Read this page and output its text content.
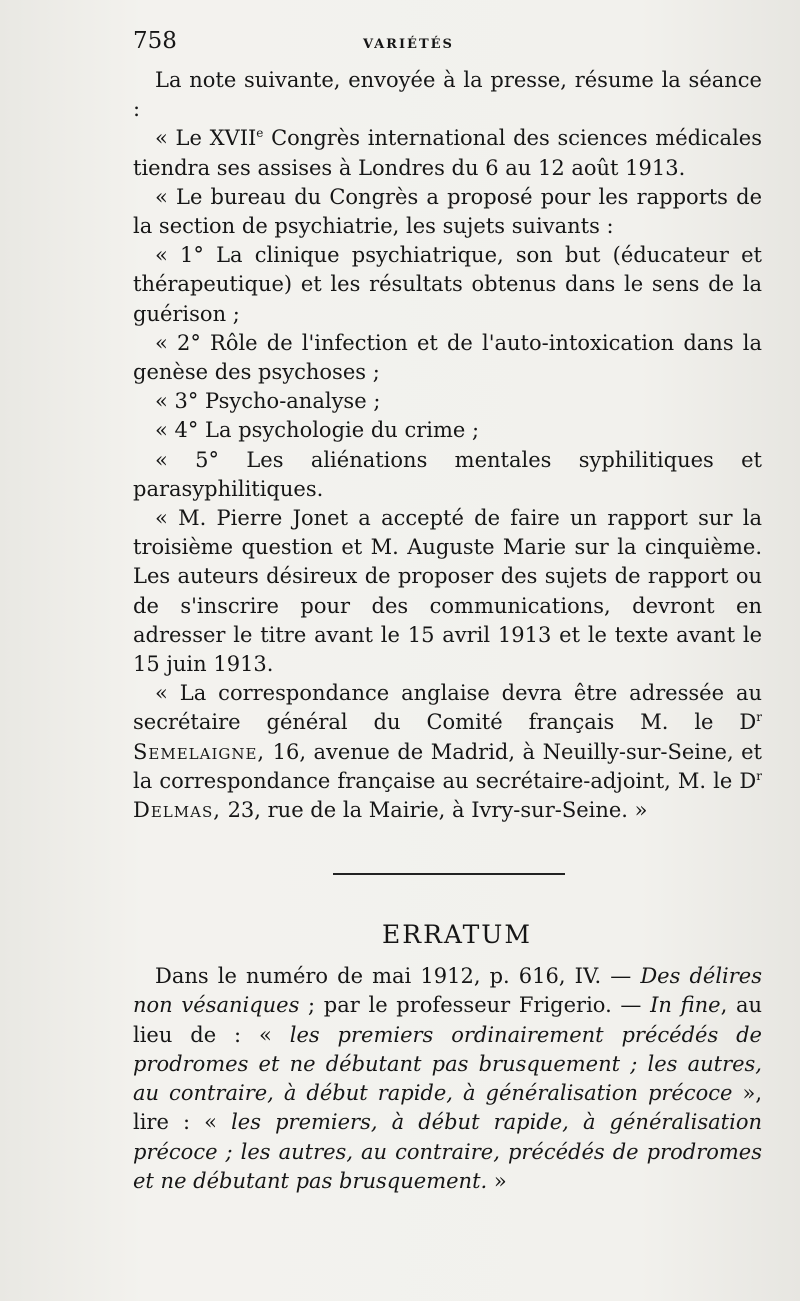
758	VARIÉTÉS

La note suivante, envoyée à la presse, résume la séance :

« Le XVIIe Congrès international des sciences médicales tiendra ses assises à Londres du 6 au 12 août 1913.

« Le bureau du Congrès a proposé pour les rapports de la section de psychiatrie, les sujets suivants :

« 1° La clinique psychiatrique, son but (éducateur et thérapeutique) et les résultats obtenus dans le sens de la guérison ;

« 2° Rôle de l'infection et de l'auto-intoxication dans la genèse des psychoses ;

« 3° Psycho-analyse ;

« 4° La psychologie du crime ;

« 5° Les aliénations mentales syphilitiques et parasyphilitiques.

« M. Pierre Jonet a accepté de faire un rapport sur la troisième question et M. Auguste Marie sur la cinquième. Les auteurs désireux de proposer des sujets de rapport ou de s'inscrire pour des communications, devront en adresser le titre avant le 15 avril 1913 et le texte avant le 15 juin 1913.

« La correspondance anglaise devra être adressée au secrétaire général du Comité français M. le $D^r$ Semelaigne, 16, avenue de Madrid, à Neuilly-sur-Seine, et la correspondance française au secrétaire-adjoint, M. le $D^r$ Delmas, 23, rue de la Mairie, à Ivry-sur-Seine. »

ERRATUM

Dans le numéro de mai 1912, p. 616, IV. — Des délires non vésaniques ; par le professeur Frigerio. — In fine, au lieu de : « les premiers ordinairement précédés de prodromes et ne débutant pas brusquement ; les autres, au contraire, à début rapide, à généralisation précoce », lire : « les premiers, à début rapide, à généralisation précoce ; les autres, au contraire, précédés de prodromes et ne débutant pas brusquement. »
